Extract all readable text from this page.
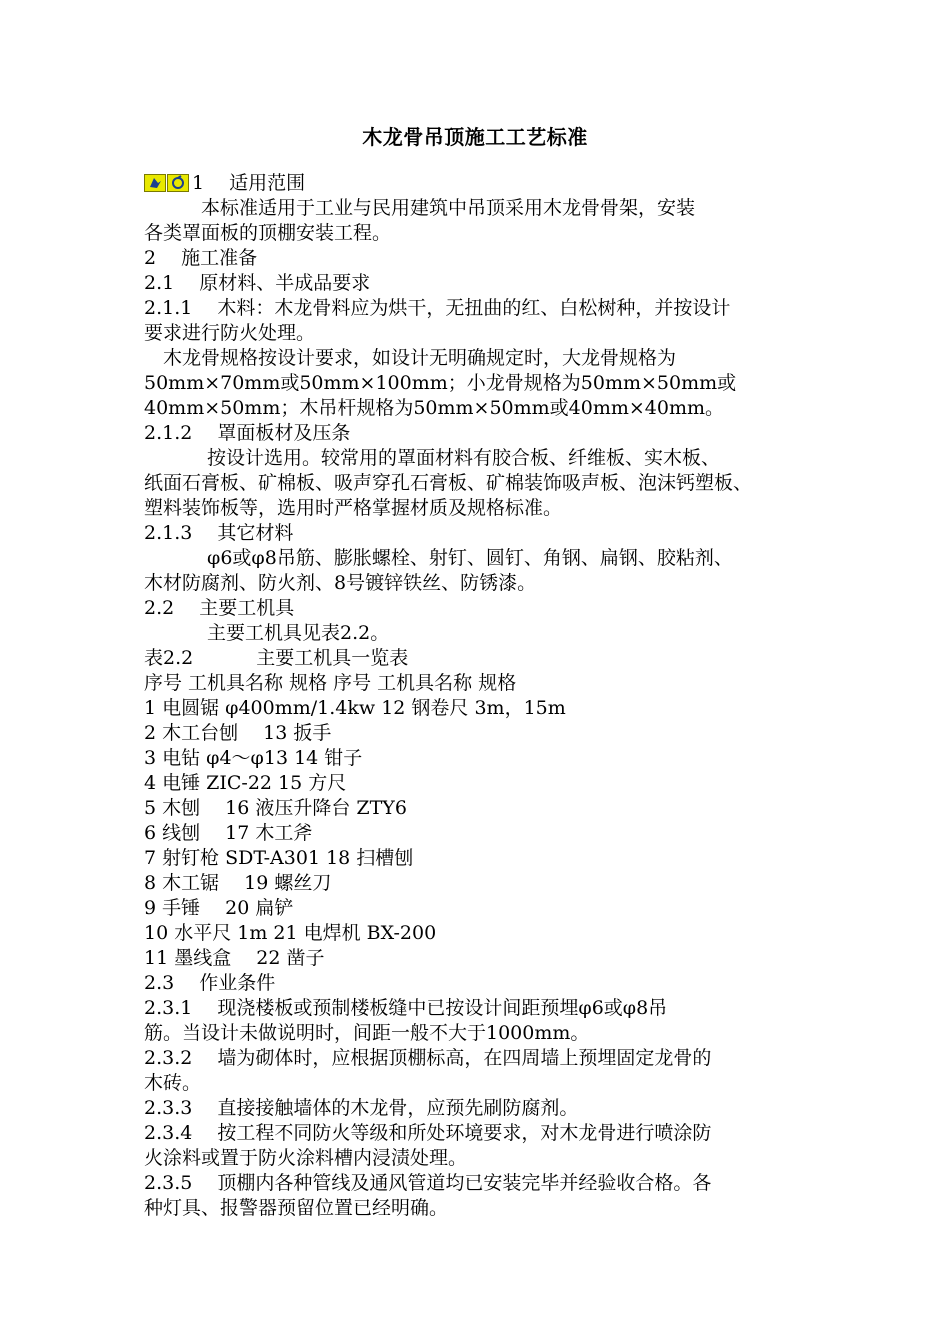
木龙骨吊顶施工工艺标准
1　 适用范围
　　　本标准适用于工业与民用建筑中吊顶采用木龙骨骨架，安装
各类罩面板的顶棚安装工程。
2　 施工准备
2.1　 原材料、半成品要求
2.1.1　 木料：木龙骨料应为烘干，无扭曲的红、白松树种，并按设计
要求进行防火处理。
　木龙骨规格按设计要求，如设计无明确规定时，大龙骨规格为
50mm×70mm或50mm×100mm；小龙骨规格为50mm×50mm或
40mm×50mm；木吊杆规格为50mm×50mm或40mm×40mm。
2.1.2　 罩面板材及压条
　　　 按设计选用。较常用的罩面材料有胶合板、纤维板、实木板、
纸面石膏板、矿棉板、吸声穿孔石膏板、矿棉装饰吸声板、泡沫钙塑板、
塑料装饰板等，选用时严格掌握材质及规格标准。
2.1.3　 其它材料
　　　 φ6或φ8吊筋、膨胀螺栓、射钉、圆钉、角钢、扁钢、胶粘剂、
木材防腐剂、防火剂、8号镀锌铁丝、防锈漆。
2.2　 主要工机具
　　　 主要工机具见表2.2。
表2.2　　　 主要工机具一览表
序号 工机具名称 规格 序号 工机具名称 规格
1 电圆锯 φ400mm/1.4kw 12 钢卷尺 3m，15m
2 木工台刨　 13 扳手
3 电钻 φ4～φ13 14 钳子
4 电锤 ZIC-22 15 方尺
5 木刨　 16 液压升降台 ZTY6
6 线刨　 17 木工斧
7 射钉枪 SDT-A301 18 扫槽刨
8 木工锯　 19 螺丝刀
9 手锤　 20 扁铲
10 水平尺 1m 21 电焊机 BX-200
11 墨线盒　 22 凿子
2.3　 作业条件
2.3.1　 现浇楼板或预制楼板缝中已按设计间距预埋φ6或φ8吊
筋。当设计未做说明时，间距一般不大于1000mm。
2.3.2　 墙为砌体时，应根据顶棚标高，在四周墙上预埋固定龙骨的
木砖。
2.3.3　 直接接触墙体的木龙骨，应预先刷防腐剂。
2.3.4　 按工程不同防火等级和所处环境要求，对木龙骨进行喷涂防
火涂料或置于防火涂料槽内浸渍处理。
2.3.5　 顶棚内各种管线及通风管道均已安装完毕并经验收合格。各
种灯具、报警器预留位置已经明确。
